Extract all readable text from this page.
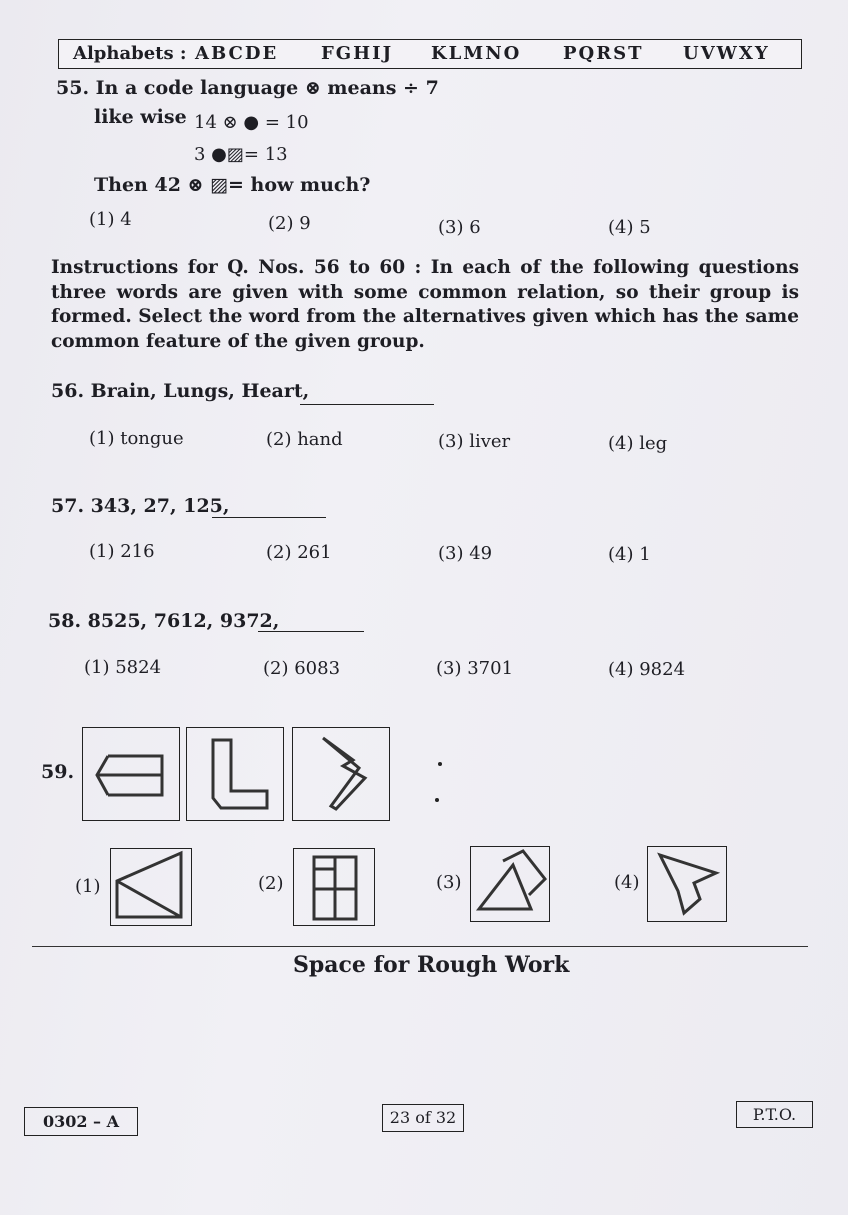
Alphabets : ABCDE FGHIJ KLMNO PQRST UVWXY
55. In a code language ⊗ means ÷ 7
like wise 14 ⊗ ● = 10
3 ●▨= 13
Then 42 ⊗ ▨= how much?
(1) 4	(2) 9	(3) 6	(4) 5
Instructions for Q. Nos. 56 to 60 : In each of the following questions three words are given with some common relation, so their group is formed. Select the word from the alternatives given which has the same common feature of the given group.
56. Brain, Lungs, Heart,
(1) tongue	(2) hand	(3) liver	(4) leg
57. 343, 27, 125,
(1) 216	(2) 261	(3) 49	(4) 1
58. 8525, 7612, 9372,
(1) 5824	(2) 6083	(3) 3701	(4) 9824
59.
(1)	(2)	(3)	(4)
Space for Rough Work
0302 – A	23 of 32	P.T.O.
